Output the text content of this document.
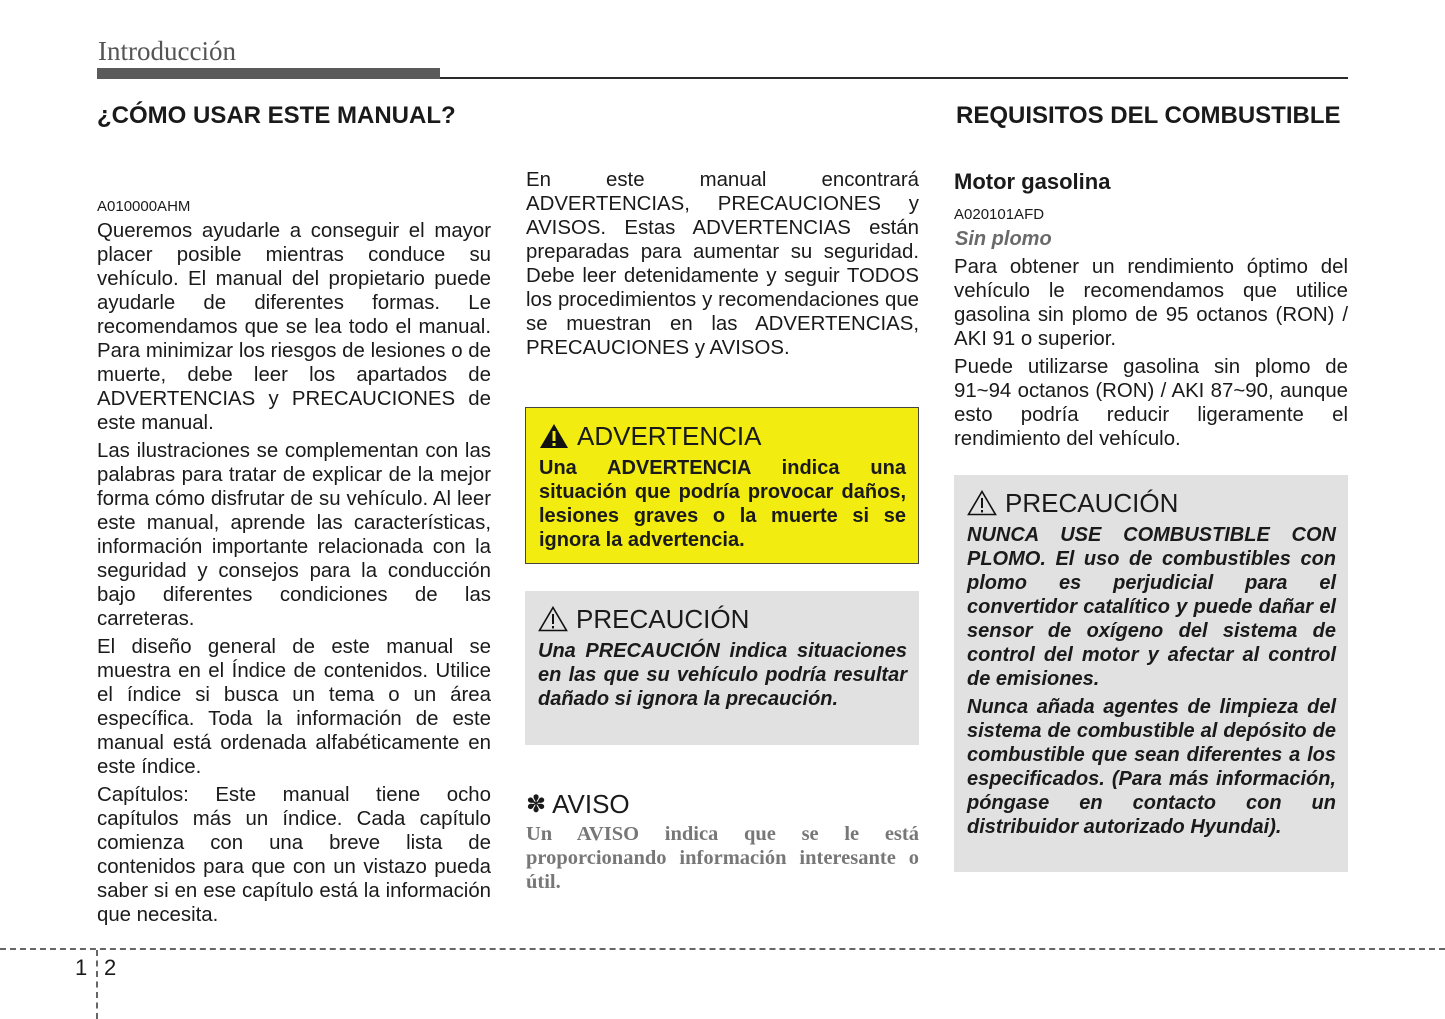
Introducción
¿CÓMO USAR ESTE MANUAL?
A010000AHM

Queremos ayudarle a conseguir el mayor placer posible mientras conduce su vehículo. El manual del propietario puede ayudarle de diferentes formas. Le recomendamos que se lea todo el manual. Para minimizar los riesgos de lesiones o de muerte, debe leer los apartados de ADVERTENCIAS y PRECAUCIONES de este manual.

Las ilustraciones se complementan con las palabras para tratar de explicar de la mejor forma cómo disfrutar de su vehículo. Al leer este manual, aprende las características, información importante relacionada con la seguridad y consejos para la conducción bajo diferentes condiciones de las carreteras.

El diseño general de este manual se muestra en el Índice de contenidos. Utilice el índice si busca un tema o un área específica. Toda la información de este manual está ordenada alfabéticamente en este índice.

Capítulos: Este manual tiene ocho capítulos más un índice. Cada capítulo comienza con una breve lista de contenidos para que con un vistazo pueda saber si en ese capítulo está la información que necesita.

En este manual encontrará ADVERTENCIAS, PRECAUCIONES y AVISOS. Estas ADVERTENCIAS están preparadas para aumentar su seguridad. Debe leer detenidamente y seguir TODOS los procedimientos y recomendaciones que se muestran en las ADVERTENCIAS, PRECAUCIONES y AVISOS.

ADVERTENCIA

Una ADVERTENCIA indica una situación que podría provocar daños, lesiones graves o la muerte si se ignora la advertencia.

PRECAUCIÓN

Una PRECAUCIÓN indica situaciones en las que su vehículo podría resultar dañado si ignora la precaución.

✽ AVISO

Un AVISO indica que se le está proporcionando información interesante o útil.

REQUISITOS DEL COMBUSTIBLE
Motor gasolina
A020101AFD
Sin plomo

Para obtener un rendimiento óptimo del vehículo le recomendamos que utilice gasolina sin plomo de 95 octanos (RON) / AKI 91 o superior.

Puede utilizarse gasolina sin plomo de 91~94 octanos (RON) / AKI 87~90, aunque esto podría reducir ligeramente el rendimiento del vehículo.

PRECAUCIÓN

NUNCA USE COMBUSTIBLE CON PLOMO. El uso de combustibles con plomo es perjudicial para el convertidor catalítico y puede dañar el sensor de oxígeno del sistema de control del motor y afectar al control de emisiones.

Nunca añada agentes de limpieza del sistema de combustible al depósito de combustible que sean diferentes a los especificados. (Para más información, póngase en contacto con un distribuidor autorizado Hyundai).

1 2
